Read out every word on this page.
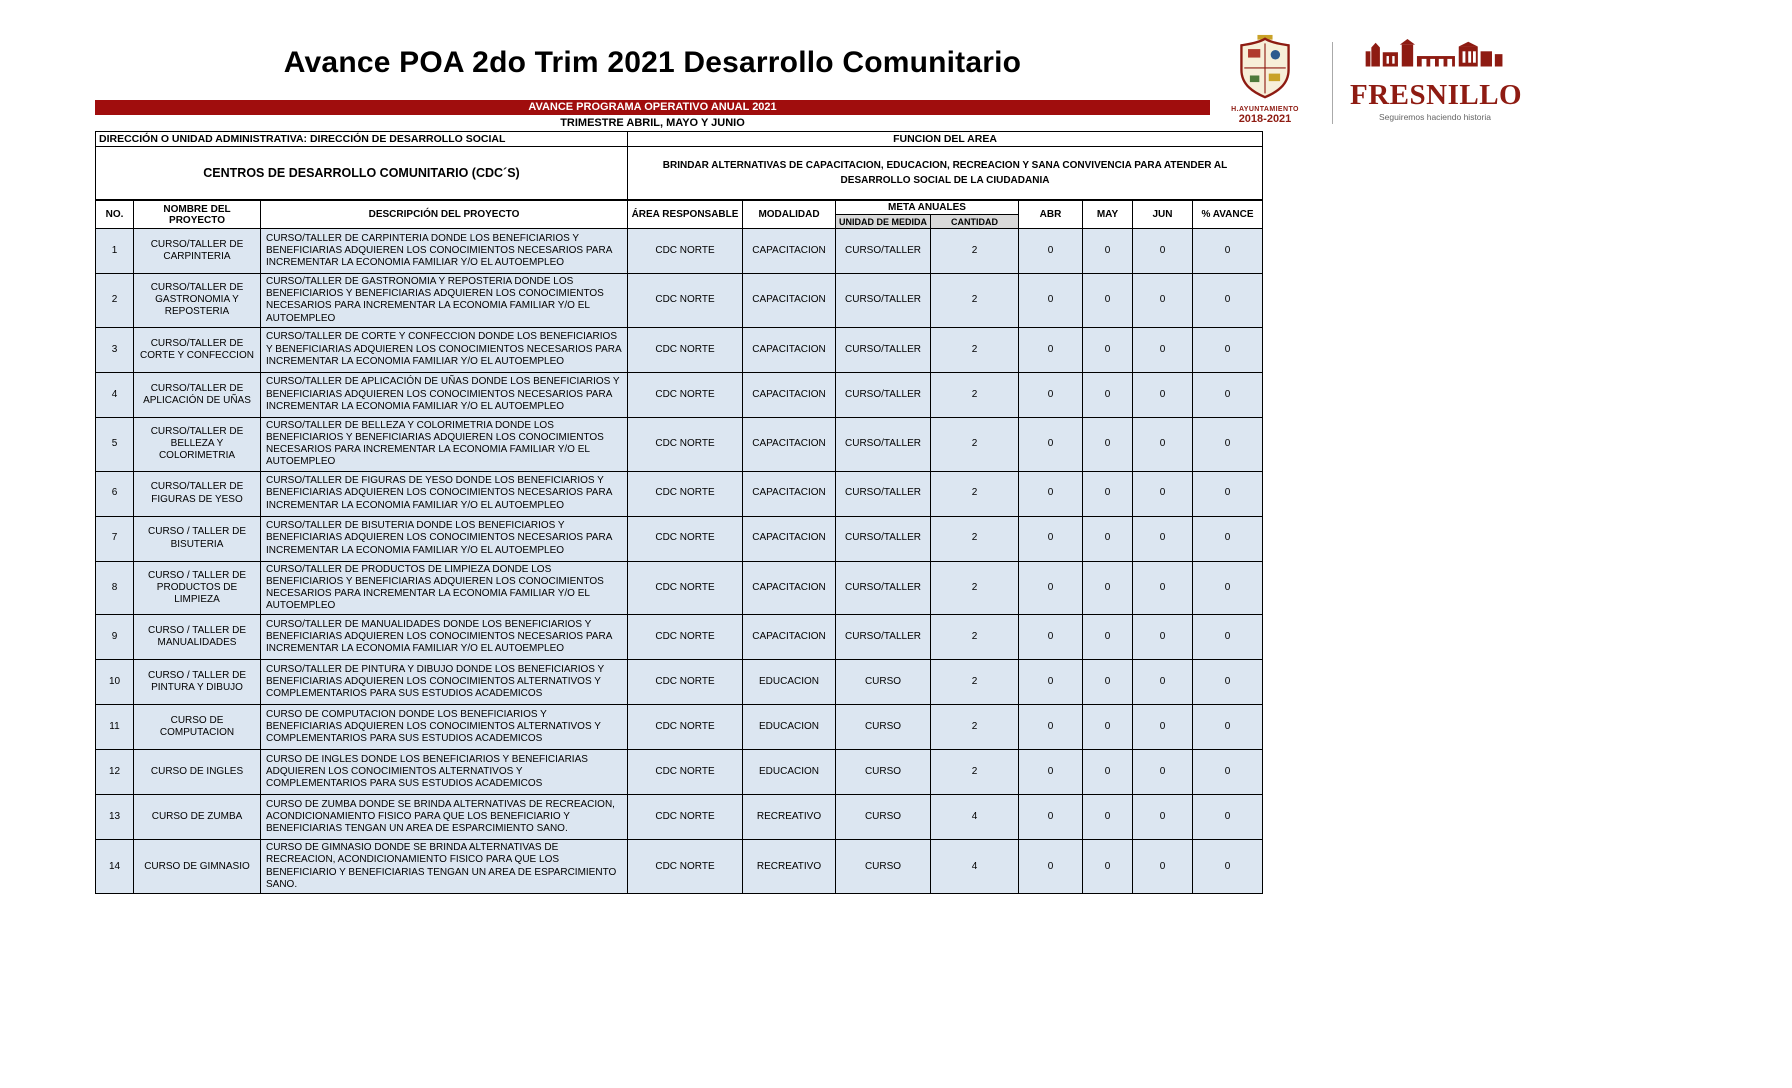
Avance POA 2do Trim 2021 Desarrollo Comunitario
H.AYUNTAMIENTO
2018-2021
FRESNILLO
Seguiremos haciendo historia
AVANCE PROGRAMA OPERATIVO ANUAL 2021
TRIMESTRE ABRIL, MAYO Y JUNIO
DIRECCIÓN O UNIDAD ADMINISTRATIVA: DIRECCIÓN DE DESARROLLO SOCIAL	FUNCION DEL AREA
CENTROS DE DESARROLLO COMUNITARIO (CDC´S)	BRINDAR ALTERNATIVAS DE CAPACITACION, EDUCACION, RECREACION Y SANA CONVIVENCIA PARA ATENDER AL DESARROLLO SOCIAL DE LA CIUDADANIA
NO.	NOMBRE DEL PROYECTO	DESCRIPCIÓN DEL PROYECTO	ÁREA RESPONSABLE	MODALIDAD	META ANUALES		ABR	MAY	JUN	% AVANCE
					UNIDAD DE MEDIDA	CANTIDAD				
1	CURSO/TALLER DE CARPINTERIA	CURSO/TALLER DE CARPINTERIA DONDE LOS BENEFICIARIOS Y BENEFICIARIAS ADQUIEREN LOS CONOCIMIENTOS NECESARIOS PARA INCREMENTAR LA ECONOMIA FAMILIAR Y/O EL AUTOEMPLEO	CDC NORTE	CAPACITACION	CURSO/TALLER	2	0	0	0	0
2	CURSO/TALLER DE GASTRONOMIA Y REPOSTERIA	CURSO/TALLER DE GASTRONOMIA Y REPOSTERIA DONDE LOS BENEFICIARIOS Y BENEFICIARIAS ADQUIEREN LOS CONOCIMIENTOS NECESARIOS PARA INCREMENTAR LA ECONOMIA FAMILIAR Y/O EL AUTOEMPLEO	CDC NORTE	CAPACITACION	CURSO/TALLER	2	0	0	0	0
3	CURSO/TALLER DE CORTE Y CONFECCION	CURSO/TALLER DE CORTE Y CONFECCION DONDE LOS BENEFICIARIOS Y BENEFICIARIAS ADQUIEREN LOS CONOCIMIENTOS NECESARIOS PARA INCREMENTAR LA ECONOMIA FAMILIAR Y/O EL AUTOEMPLEO	CDC NORTE	CAPACITACION	CURSO/TALLER	2	0	0	0	0
4	CURSO/TALLER DE APLICACIÓN DE UÑAS	CURSO/TALLER DE APLICACIÓN DE UÑAS DONDE LOS BENEFICIARIOS Y BENEFICIARIAS ADQUIEREN LOS CONOCIMIENTOS NECESARIOS PARA INCREMENTAR LA ECONOMIA FAMILIAR Y/O EL AUTOEMPLEO	CDC NORTE	CAPACITACION	CURSO/TALLER	2	0	0	0	0
5	CURSO/TALLER DE BELLEZA Y COLORIMETRIA	CURSO/TALLER DE BELLEZA Y COLORIMETRIA DONDE LOS BENEFICIARIOS Y BENEFICIARIAS ADQUIEREN LOS CONOCIMIENTOS NECESARIOS PARA INCREMENTAR LA ECONOMIA FAMILIAR Y/O EL AUTOEMPLEO	CDC NORTE	CAPACITACION	CURSO/TALLER	2	0	0	0	0
6	CURSO/TALLER DE FIGURAS DE YESO	CURSO/TALLER DE FIGURAS DE YESO DONDE LOS BENEFICIARIOS Y BENEFICIARIAS ADQUIEREN LOS CONOCIMIENTOS NECESARIOS PARA INCREMENTAR LA ECONOMIA FAMILIAR Y/O EL AUTOEMPLEO	CDC NORTE	CAPACITACION	CURSO/TALLER	2	0	0	0	0
7	CURSO / TALLER DE BISUTERIA	CURSO/TALLER DE BISUTERIA DONDE LOS BENEFICIARIOS Y BENEFICIARIAS ADQUIEREN LOS CONOCIMIENTOS NECESARIOS PARA INCREMENTAR LA ECONOMIA FAMILIAR Y/O EL AUTOEMPLEO	CDC NORTE	CAPACITACION	CURSO/TALLER	2	0	0	0	0
8	CURSO / TALLER DE PRODUCTOS DE LIMPIEZA	CURSO/TALLER DE PRODUCTOS DE LIMPIEZA DONDE LOS BENEFICIARIOS Y BENEFICIARIAS ADQUIEREN LOS CONOCIMIENTOS NECESARIOS PARA INCREMENTAR LA ECONOMIA FAMILIAR Y/O EL AUTOEMPLEO	CDC NORTE	CAPACITACION	CURSO/TALLER	2	0	0	0	0
9	CURSO / TALLER DE MANUALIDADES	CURSO/TALLER DE MANUALIDADES DONDE LOS BENEFICIARIOS Y BENEFICIARIAS ADQUIEREN LOS CONOCIMIENTOS NECESARIOS PARA INCREMENTAR LA ECONOMIA FAMILIAR Y/O EL AUTOEMPLEO	CDC NORTE	CAPACITACION	CURSO/TALLER	2	0	0	0	0
10	CURSO / TALLER DE PINTURA Y DIBUJO	CURSO/TALLER DE PINTURA Y DIBUJO DONDE LOS BENEFICIARIOS Y BENEFICIARIAS ADQUIEREN LOS CONOCIMIENTOS ALTERNATIVOS Y COMPLEMENTARIOS PARA SUS ESTUDIOS ACADEMICOS	CDC NORTE	EDUCACION	CURSO	2	0	0	0	0
11	CURSO DE COMPUTACION	CURSO DE COMPUTACION DONDE LOS BENEFICIARIOS Y BENEFICIARIAS ADQUIEREN LOS CONOCIMIENTOS ALTERNATIVOS Y COMPLEMENTARIOS PARA SUS ESTUDIOS ACADEMICOS	CDC NORTE	EDUCACION	CURSO	2	0	0	0	0
12	CURSO DE INGLES	CURSO DE INGLES DONDE LOS BENEFICIARIOS Y BENEFICIARIAS ADQUIEREN LOS CONOCIMIENTOS ALTERNATIVOS Y COMPLEMENTARIOS PARA SUS ESTUDIOS ACADEMICOS	CDC NORTE	EDUCACION	CURSO	2	0	0	0	0
13	CURSO DE ZUMBA	CURSO DE ZUMBA DONDE SE BRINDA ALTERNATIVAS DE RECREACION, ACONDICIONAMIENTO FISICO PARA QUE LOS BENEFICIARIO Y BENEFICIARIAS TENGAN UN AREA DE ESPARCIMIENTO SANO.	CDC NORTE	RECREATIVO	CURSO	4	0	0	0	0
14	CURSO DE GIMNASIO	CURSO DE GIMNASIO DONDE SE BRINDA ALTERNATIVAS DE RECREACION, ACONDICIONAMIENTO FISICO PARA QUE LOS BENEFICIARIO Y BENEFICIARIAS TENGAN UN AREA DE ESPARCIMIENTO SANO.	CDC NORTE	RECREATIVO	CURSO	4	0	0	0	0
